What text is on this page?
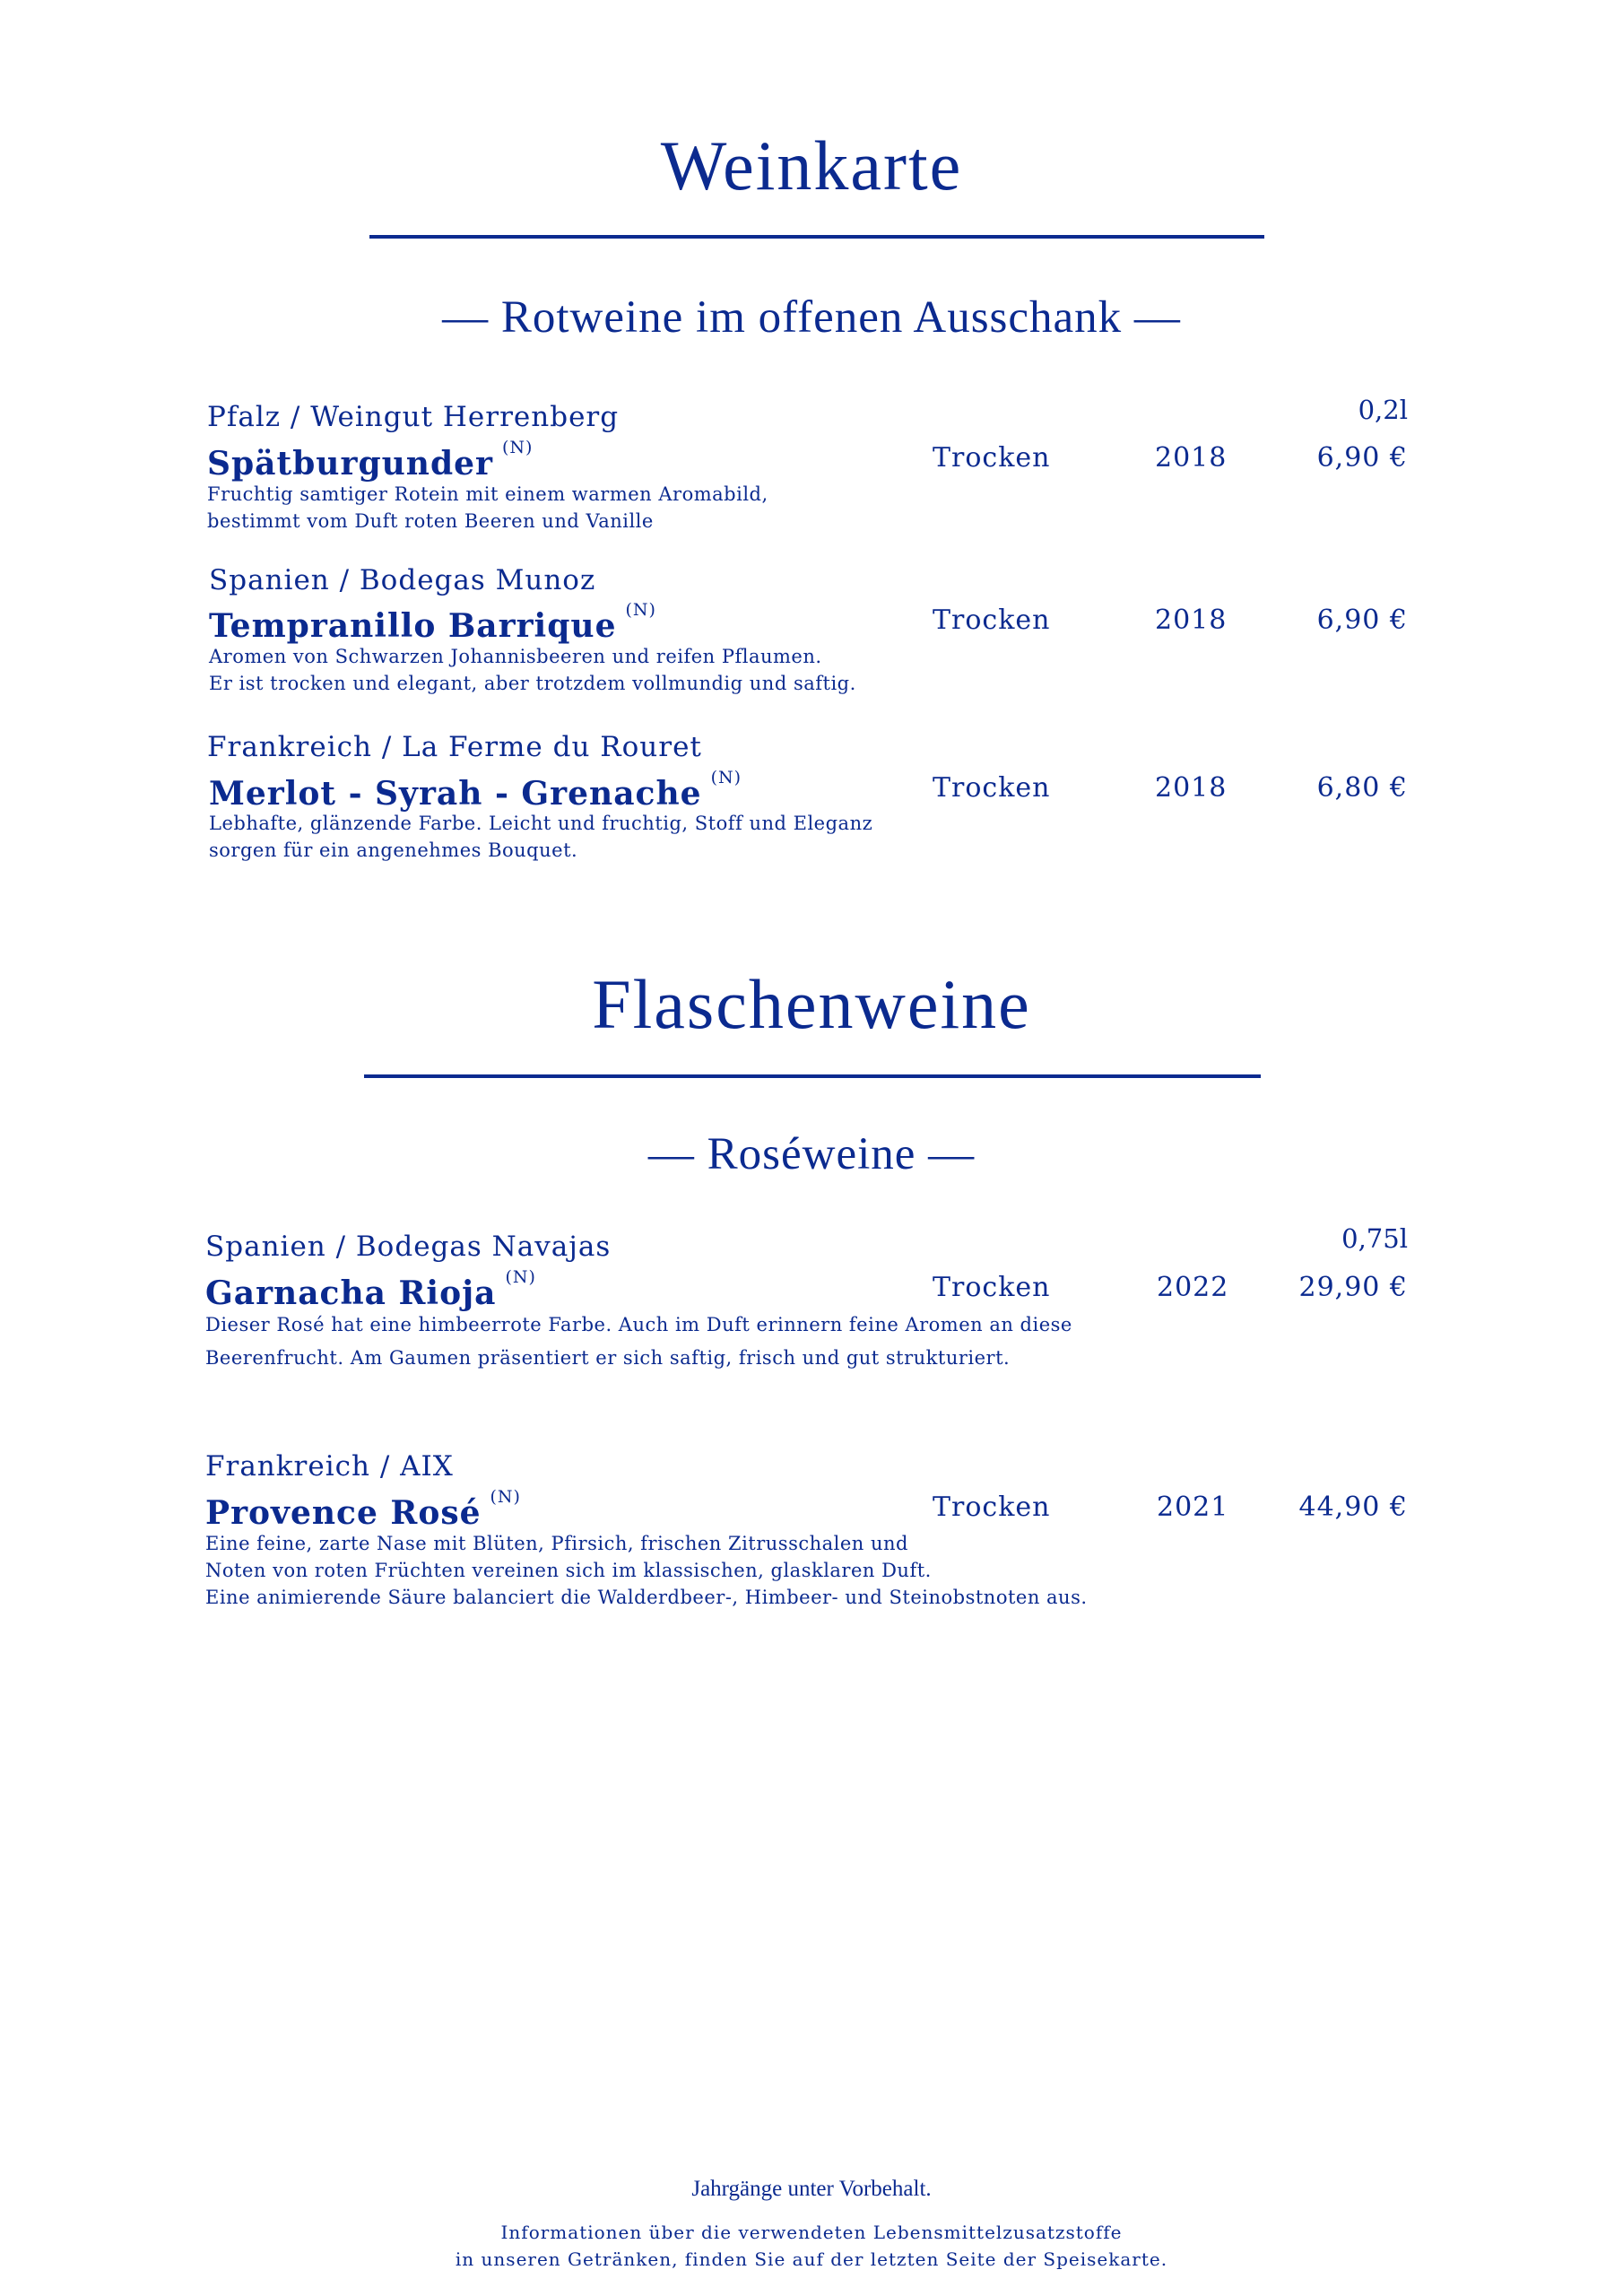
Weinkarte
— Rotweine im offenen Ausschank —
0,2l
Pfalz / Weingut Herrenberg
Spätburgunder $^{(N)}$	Trocken	2018	6,90 €
Fruchtig samtiger Rotein mit einem warmen Aromabild,
bestimmt vom Duft roten Beeren und Vanille
Spanien / Bodegas Munoz
Tempranillo Barrique $^{(N)}$	Trocken	2018	6,90 €
Aromen von Schwarzen Johannisbeeren und reifen Pflaumen.
Er ist trocken und elegant, aber trotzdem vollmundig und saftig.
Frankreich / La Ferme du Rouret
Merlot - Syrah - Grenache $^{(N)}$	Trocken	2018	6,80 €
Lebhafte, glänzende Farbe. Leicht und fruchtig, Stoff und Eleganz
sorgen für ein angenehmes Bouquet.
Flaschenweine
— Roséweine —
0,75l
Spanien / Bodegas Navajas
Garnacha Rioja $^{(N)}$	Trocken	2022	29,90 €
Dieser Rosé hat eine himbeerrote Farbe. Auch im Duft erinnern feine Aromen an diese
Beerenfrucht. Am Gaumen präsentiert er sich saftig, frisch und gut strukturiert.
Frankreich / AIX
Provence Rosé $^{(N)}$	Trocken	2021	44,90 €
Eine feine, zarte Nase mit Blüten, Pfirsich, frischen Zitrusschalen und
Noten von roten Früchten vereinen sich im klassischen, glasklaren Duft.
Eine animierende Säure balanciert die Walderdbeer-, Himbeer- und Steinobstnoten aus.
Jahrgänge unter Vorbehalt.
Informationen über die verwendeten Lebensmittelzusatzstoffe
in unseren Getränken, finden Sie auf der letzten Seite der Speisekarte.
